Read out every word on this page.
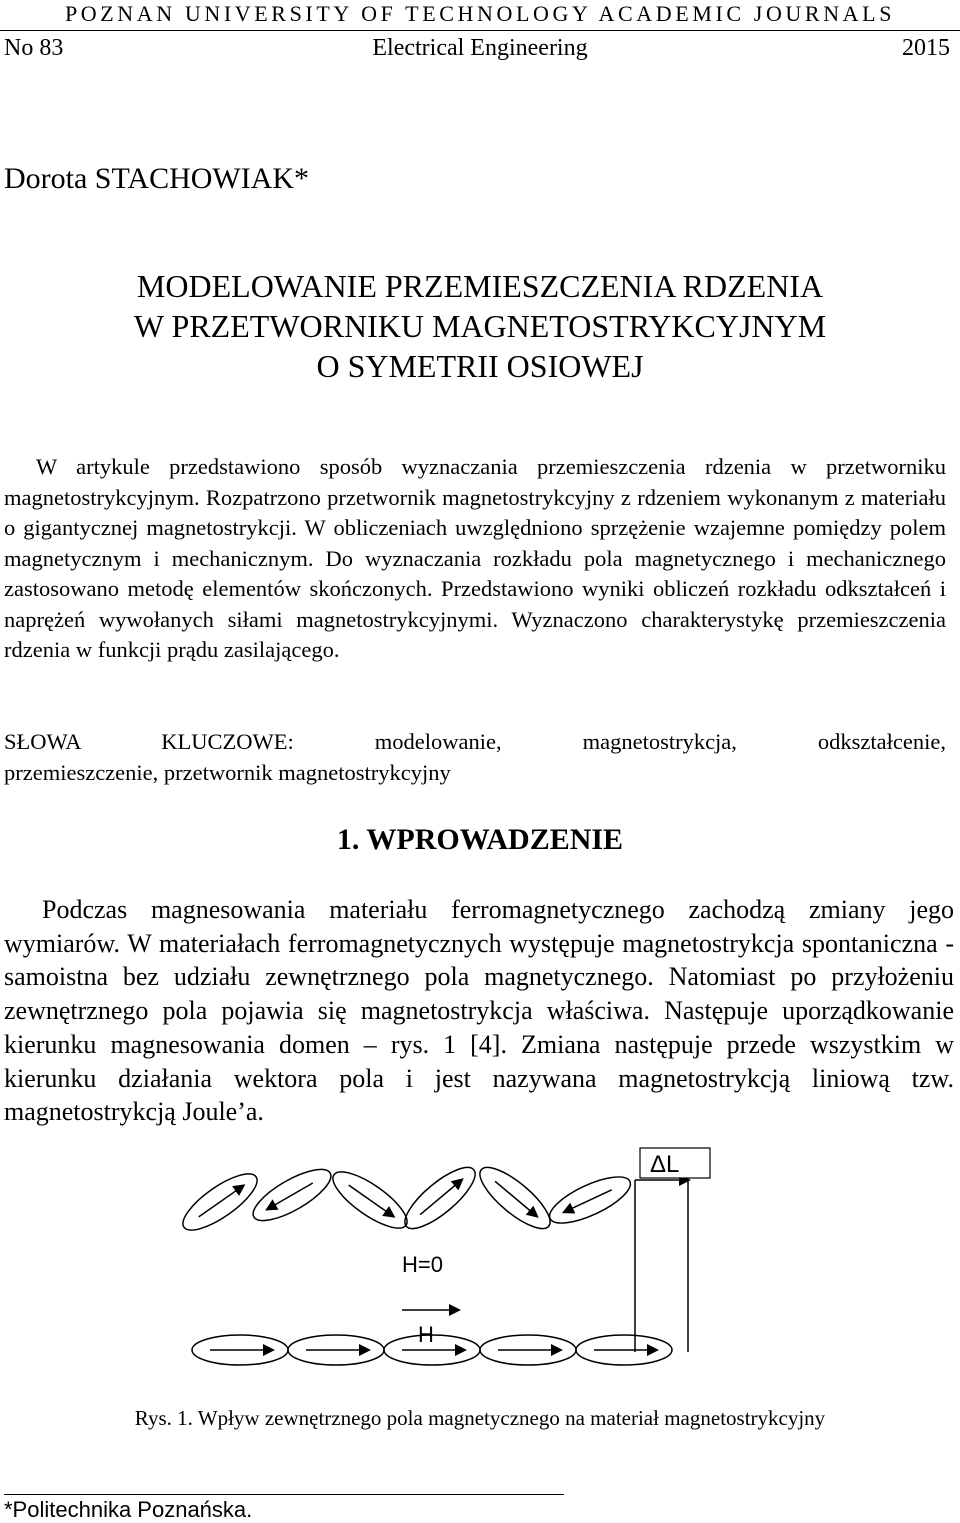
POZNAN UNIVERSITY OF TECHNOLOGY ACADEMIC JOURNALS
No 83	Electrical Engineering	2015
Dorota STACHOWIAK*
MODELOWANIE PRZEMIESZCZENIA RDZENIA
W PRZETWORNIKU MAGNETOSTRYKCYJNYM
O SYMETRII OSIOWEJ

W artykule przedstawiono sposób wyznaczania przemieszczenia rdzenia w przetworniku magnetostrykcyjnym. Rozpatrzono przetwornik magnetostrykcyjny z rdzeniem wykonanym z materiału o gigantycznej magnetostrykcji. W obliczeniach uwzględniono sprzężenie wzajemne pomiędzy polem magnetycznym i mechanicznym. Do wyznaczania rozkładu pola magnetycznego i mechanicznego zastosowano metodę elementów skończonych. Przedstawiono wyniki obliczeń rozkładu odkształceń i naprężeń wywołanych siłami magnetostrykcyjnymi. Wyznaczono charakterystykę przemieszczenia rdzenia w funkcji prądu zasilającego.

SŁOWA KLUCZOWE: modelowanie, magnetostrykcja, odkształcenie,
przemieszczenie, przetwornik magnetostrykcyjny
1. WPROWADZENIE

Podczas magnesowania materiału ferromagnetycznego zachodzą zmiany jego wymiarów. W materiałach ferromagnetycznych występuje magnetostrykcja spontaniczna - samoistna bez udziału zewnętrznego pola magnetycznego. Natomiast po przyłożeniu zewnętrznego pola pojawia się magnetostrykcja właściwa. Następuje uporządkowanie kierunku magnesowania domen – rys. 1 [4]. Zmiana następuje przede wszystkim w kierunku działania wektora pola i jest nazywana magnetostrykcją liniową tzw. magnetostrykcją Joule’a.

ΔL
H=0
H
Rys. 1. Wpływ zewnętrznego pola magnetycznego na materiał magnetostrykcyjny
*Politechnika Poznańska.
